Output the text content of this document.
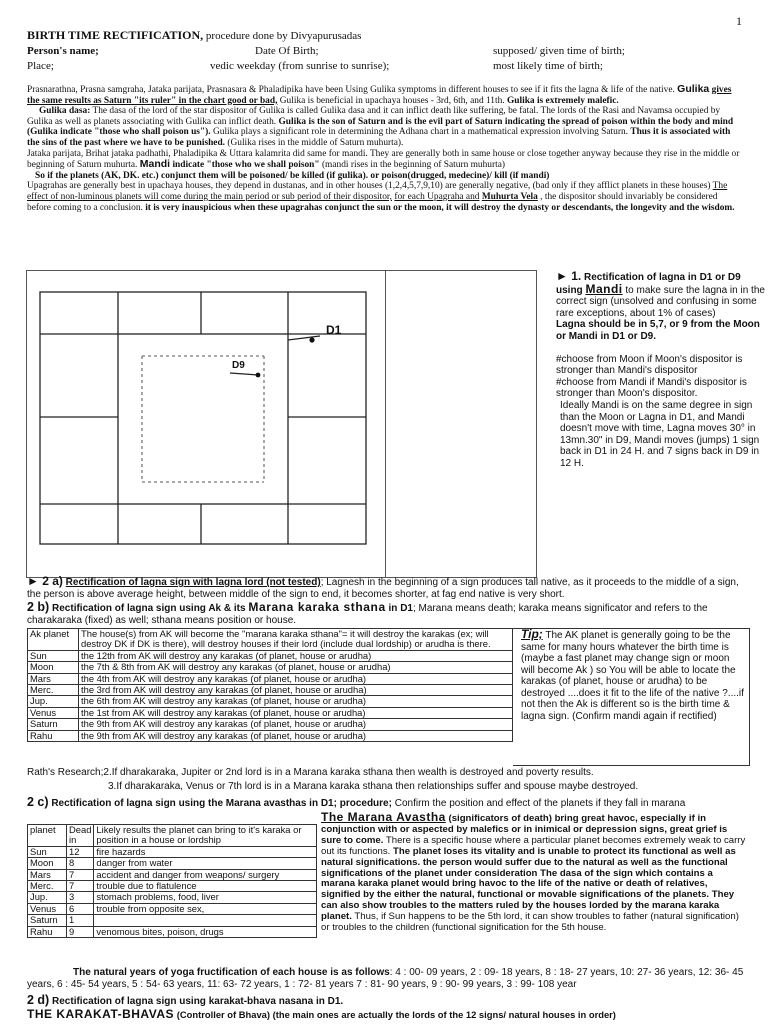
1
BIRTH TIME RECTIFICATION, procedure done by Divyapurusadas
Person's name;	Date Of Birth;	supposed/ given time of birth;
Place;	vedic weekday (from sunrise to sunrise);	most likely time of birth;
Prasnarathna, Prasna samgraha, Jataka parijata, Prasnasara & Phaladipika have been Using Gulika symptoms in different houses to see if it fits the lagna & life of the native. Gulika gives the same results as Saturn "its ruler" in the chart good or bad, Gulika is beneficial in upachaya houses - 3rd, 6th, and 11th. Gulika is extremely malefic.
Gulika dasa: The dasa of the lord of the star dispositor of Gulika is called Gulika dasa and it can inflict death like suffering, be fatal. The lords of the Rasi and Navamsa occupied by Gulika as well as planets associating with Gulika can inflict death. Gulika is the son of Saturn and is the evil part of Saturn indicating the spread of poison within the body and mind (Gulika indicate "those who shall poison us"). Gulika plays a significant role in determining the Adhana chart in a mathematical expression involving Saturn. Thus it is associated with the sins of the past where we have to be punished. (Gulika rises in the middle of Saturn muhurta).
Jataka parijata, Brihat jataka padhathi, Phaladipika & Uttara kalamrita did same for mandi. They are generally both in same house or close together anyway because they rise in the middle or beginning of Saturn muhurta. Mandi indicate "those who we shall poison" (mandi rises in the beginning of Saturn muhurta)
So if the planets (AK, DK. etc.) conjunct them will be poisoned/ be killed (if gulika). or poison(drugged, medecine)/ kill (if mandi)
Upagrahas are generally best in upachaya houses, they depend in dustanas, and in other houses (1,2,4,5,7,9,10) are generally negative, (bad only if they afflict planets in these houses) The effect of non-luminous planets will come during the main period or sub period of their dispositor, for each Upagraha and Muhurta Vela , the dispositor should invariably be considered before coming to a conclusion. it is very inauspicious when these upagrahas conjunct the sun or the moon, it will destroy the dynasty or descendants, the longevity and the wisdom.
D1
D9

► 1. Rectification of lagna in D1 or D9 using Mandi to make sure the lagna in in the correct sign (unsolved and confusing in some rare exceptions, about 1% of cases)

Lagna should be in 5,7, or 9 from the Moon or Mandi in D1 or D9.

#choose from Moon if Moon's dispositor is stronger than Mandi's dispositor

#choose from Mandi if Mandi's dispositor is stronger than Moon's dispositor.

Ideally Mandi is on the same degree in sign than the Moon or Lagna in D1, and Mandi doesn't move with time, Lagna moves 30° in 13mn.30" in D9, Mandi moves (jumps) 1 sign back in D1 in 24 H. and 7 signs back in D9 in 12 H.

► 2 a) Rectification of lagna sign with lagna lord (not tested); Lagnesh in the beginning of a sign produces tall native, as it proceeds to the middle of a sign, the person is above average height, between middle of the sign to end, it becomes shorter, at fag end native is very short.
2 b) Rectification of lagna sign using Ak & its Marana karaka sthana in D1; Marana means death; karaka means significator and refers to the charakaraka (fixed) as well; sthana means position or house.
Ak planet	The house(s) from AK will become the "marana karaka sthana"= it will destroy the karakas (ex; will destroy DK if DK is there), will destroy houses if their lord (include dual lordship) or arudha is there.
Sun	the 12th from AK will destroy any karakas (of planet, house or arudha)
Moon	the 7th & 8th from AK will destroy any karakas (of planet, house or arudha)
Mars	the 4th from AK will destroy any karakas (of planet, house or arudha)
Merc.	the 3rd from AK will destroy any karakas (of planet, house or arudha)
Jup.	the 6th from AK will destroy any karakas (of planet, house or arudha)
Venus	the 1st from AK will destroy any karakas (of planet, house or arudha)
Saturn	the 9th from AK will destroy any karakas (of planet, house or arudha)
Rahu	the 9th from AK will destroy any karakas (of planet, house or arudha)
Tip; The AK planet is generally going to be the same for many hours whatever the birth time is (maybe a fast planet may change sign or moon will become Ak ) so You will be able to locate the karakas (of planet, house or arudha) to be destroyed ....does it fit to the life of the native ?....if not then the Ak is different so is the birth time & lagna sign. (Confirm mandi again if rectified)
Rath's Research;2.If dharakaraka, Jupiter or 2nd lord is in a Marana karaka sthana then wealth is destroyed and poverty results.
3.If dharakaraka, Venus or 7th lord is in a Marana karaka sthana then relationships suffer and spouse maybe destroyed.
2 c) Rectification of lagna sign using the Marana avasthas in D1; procedure; Confirm the position and effect of the planets if they fall in marana
planet	Dead in	Likely results the planet can bring to it's karaka or position in a house or lordship
Sun	12	fire hazards
Moon	8	danger from water
Mars	7	accident and danger from weapons/ surgery
Merc.	7	trouble due to flatulence
Jup.	3	stomach problems, food, liver
Venus	6	trouble from opposite sex,
Saturn	1	
Rahu	9	venomous bites, poison, drugs
The Marana Avastha (significators of death) bring great havoc, especially if in conjunction with or aspected by malefics or in inimical or depression signs, great grief is sure to come. There is a specific house where a particular planet becomes extremely weak to carry out its functions. The planet loses its vitality and is unable to protect its functional as well as natural significations. the person would suffer due to the natural as well as the functional significations of the planet under consideration The dasa of the sign which contains a marana karaka planet would bring havoc to the life of the native or death of relatives, signified by the either the natural, functional or movable significations of the planets. They can also show troubles to the matters ruled by the houses lorded by the marana karaka planet. Thus, if Sun happens to be the 5th lord, it can show troubles to father (natural signification) or troubles to the children (functional signification for the 5th house.
The natural years of yoga fructification of each house is as follows: 4 : 00- 09 years, 2 : 09- 18 years, 8 : 18- 27 years, 10: 27- 36 years, 12: 36- 45 years, 6 : 45- 54 years, 5 : 54- 63 years, 11: 63- 72 years, 1 : 72- 81 years 7 : 81- 90 years, 9 : 90- 99 years, 3 : 99- 108 year
2 d) Rectification of lagna sign using karakat-bhava nasana in D1.
THE KARAKAT-BHAVAS (Controller of Bhava) (the main ones are actually the lords of the 12 signs/ natural houses in order)
